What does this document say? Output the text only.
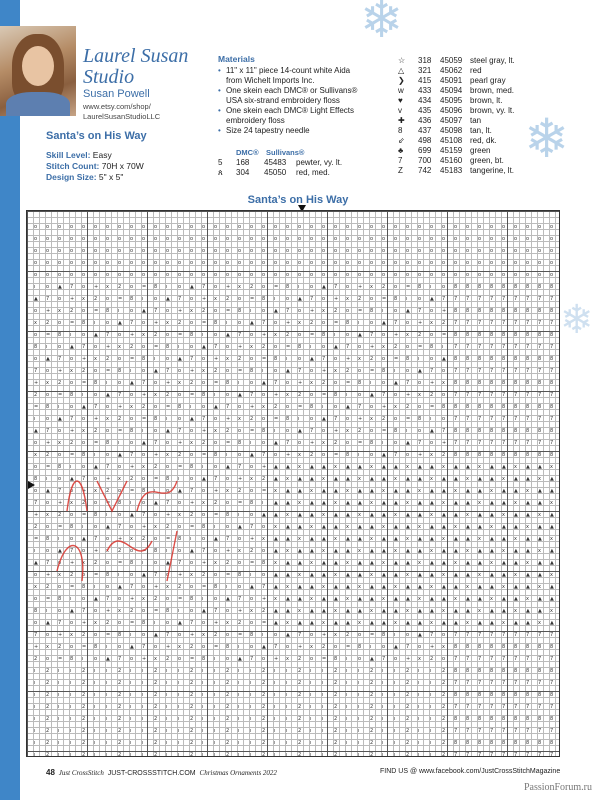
❄
❄
❄
Laurel Susan Studio
Susan Powell
www.etsy.com/shop/ LaurelSusanStudioLLC
Santa’s on His Way
Skill Level: Easy
Stitch Count: 70H x 70W
Design Size: 5" x 5"
Materials
• 11" x 11" piece 14-count white Aida from Wichelt Imports Inc.
• One skein each DMC® or Sullivans® USA six-strand embroidery floss
• One skein each DMC® Light Effects embroidery floss
• Size 24 tapestry needle
DMC® Sullivans®
5 168 45483 pewter, vy. lt.
ጰ 304 45050 red, med.
☆ 318 45059 steel gray, lt.
△ 321 45062 red
❯ 415 45091 pearl gray
w 433 45094 brown, med.
♥ 434 45095 brown, lt.
v 435 45096 brown, vy. lt.
✚ 436 45097 tan
8 437 45098 tan, lt.
⇙ 498 45108 red, dk.
♣ 699 45159 green
7 700 45160 green, bt.
Z 742 45183 tangerine, lt.
Santa’s on His Way
o o o o o o o o o o o o o o o o o o o o o o o o o o o o o o o o o o o o o o o o o o o o
o o o o o o o o o o o o o o o o o o o o o o o o o o o o o o o o o o o o o o o o o o o o
o o o o o o o o o o o o o o o o o o o o o o o o o o o o o o o o o o o o o o o o o o o o
o o o o o o o o o o o o o o o o o o o o o o o o o o o o o o o o o o o o o o o o o o o o
o o o o o o o o o o o o o o o o o o o o o o o o o o o o o o o o o o o o o o o o o o o o
ı o ▲ 7 o + x 2 o = 8 ı o ▲ 7 o + x 2 o = 8 ı o ▲ 7 o + x 2 o = 8 ı o 8 8 8 8 8 8 8 8 8
▲ 7 o + x 2 o = 8 ı o ▲ 7 o + x 2 o = 8 ı o ▲ 7 o + x 2 o = 8 ı o ▲ 7 7 7 7 7 7 7 7 7 7
o + x 2 o = 8 ı o ▲ 7 o + x 2 o = 8 ı o ▲ 7 o + x 2 o = 8 ı o ▲ 7 o + 8 8 8 8 8 8 8 8 8
x 2 o = 8 ı o ▲ 7 o + x 2 o = 8 ı o ▲ 7 o + x 2 o = 8 ı o ▲ 7 o + x 2 7 7 7 7 7 7 7 7 7
o = 8 ı o ▲ 7 o + x 2 o = 8 ı o ▲ 7 o + x 2 o = 8 ı o ▲ 7 o + x 2 o = 8 8 8 8 8 8 8 8 8
8 ı o ▲ 7 o + x 2 o = 8 ı o ▲ 7 o + x 2 o = 8 ı o ▲ 7 o + x 2 o = 8 ı 7 7 7 7 7 7 7 7 7
o ▲ 7 o + x 2 o = 8 ı o ▲ 7 o + x 2 o = 8 ı o ▲ 7 o + x 2 o = 8 ı o ▲ 8 8 8 8 8 8 8 8 8
7 o + x 2 o = 8 ı o ▲ 7 o + x 2 o = 8 ı o ▲ 7 o + x 2 o = 8 ı o ▲ 7 o 7 7 7 7 7 7 7 7 7
+ x 2 o = 8 ı o ▲ 7 o + x 2 o = 8 ı o ▲ 7 o + x 2 o = 8 ı o ▲ 7 o + x 8 8 8 8 8 8 8 8 8
2 o = 8 ı o ▲ 7 o + x 2 o = 8 ı o ▲ 7 o + x 2 o = 8 ı o ▲ 7 o + x 2 o 7 7 7 7 7 7 7 7 7
= 8 ı o ▲ 7 o + x 2 o = 8 ı o ▲ 7 o + x 2 o = 8 ı o ▲ 7 o + x 2 o = 8 8 8 8 8 8 8 8 8 8
ı o ▲ 7 o + x 2 o = 8 ı o ▲ 7 o + x 2 o = 8 ı o ▲ 7 o + x 2 o = 8 ı o 7 7 7 7 7 7 7 7 7
▲ 7 o + x 2 o = 8 ı o ▲ 7 o + x 2 o = 8 ı o ▲ 7 o + x 2 o = 8 ı o ▲ 7 8 8 8 8 8 8 8 8 8
o + x 2 o = 8 ı o ▲ 7 o + x 2 o = 8 ı o ▲ 7 o + x 2 o = 8 ı o ▲ 7 o + 7 7 7 7 7 7 7 7 7
x 2 o = 8 ı o ▲ 7 o + x 2 o = 8 ı o ▲ 7 o + x 2 o = 8 ı o ▲ 7 o + x 2 8 8 8 8 8 8 8 8 8
o = 8 ı o ▲ 7 o + x 2 o = 8 ı o ▲ 7 o + ▲ ▲ x ▲ ▲ x ▲ ▲ x ▲ ▲ x ▲ ▲ x ▲ ▲ x ▲ ▲ x ▲ ▲ x
8 ı o ▲ 7 o + x 2 o = 8 ı o ▲ 7 o + x 2 ▲ x ▲ ▲ x ▲ ▲ x ▲ ▲ x ▲ ▲ x ▲ ▲ x ▲ ▲ x ▲ ▲ x ▲
o ▲ 7 o + x 2 o = 8 ı o ▲ 7 o + x 2 o = x ▲ ▲ x ▲ ▲ x ▲ ▲ x ▲ ▲ x ▲ ▲ x ▲ ▲ x ▲ ▲ x ▲ ▲
7 o + x 2 o = 8 ı o ▲ 7 o + x 2 o = 8 ı ▲ ▲ x ▲ ▲ x ▲ ▲ x ▲ ▲ x ▲ ▲ x ▲ ▲ x ▲ ▲ x ▲ ▲ x
+ x 2 o = 8 ı o ▲ 7 o + x 2 o = 8 ı o ▲ ▲ x ▲ ▲ x ▲ ▲ x ▲ ▲ x ▲ ▲ x ▲ ▲ x ▲ ▲ x ▲ ▲ x ▲
2 o = 8 ı o ▲ 7 o + x 2 o = 8 ı o ▲ 7 o x ▲ ▲ x ▲ ▲ x ▲ ▲ x ▲ ▲ x ▲ ▲ x ▲ ▲ x ▲ ▲ x ▲ ▲
= 8 ı o ▲ 7 o + x 2 o = 8 ı o ▲ 7 o + x ▲ ▲ x ▲ ▲ x ▲ ▲ x ▲ ▲ x ▲ ▲ x ▲ ▲ x ▲ ▲ x ▲ ▲ x
ı o ▲ 7 o + x 2 o = 8 ı o ▲ 7 o + x 2 o ▲ x ▲ ▲ x ▲ ▲ x ▲ ▲ x ▲ ▲ x ▲ ▲ x ▲ ▲ x ▲ ▲ x ▲
▲ 7 o + x 2 o = 8 ı o ▲ 7 o + x 2 o = 8 x ▲ ▲ x ▲ ▲ x ▲ ▲ x ▲ ▲ x ▲ ▲ x ▲ ▲ x ▲ ▲ x ▲ ▲
o + x 2 o = 8 ı o ▲ 7 o + x 2 o = 8 ı o ▲ ▲ x ▲ ▲ x ▲ ▲ x ▲ ▲ x ▲ ▲ x ▲ ▲ x ▲ ▲ x ▲ ▲ x
x 2 o = 8 ı o ▲ 7 o + x 2 o = 8 ı o ▲ 7 ▲ x ▲ ▲ x ▲ ▲ x ▲ ▲ x ▲ ▲ x ▲ ▲ x ▲ ▲ x ▲ ▲ x ▲
o = 8 ı o ▲ 7 o + x 2 o = 8 ı o ▲ 7 o + x ▲ ▲ x ▲ ▲ x ▲ ▲ x ▲ ▲ x ▲ ▲ x ▲ ▲ x ▲ ▲ x ▲ ▲
8 ı o ▲ 7 o + x 2 o = 8 ı o ▲ 7 o + x 2 ▲ ▲ x ▲ ▲ x ▲ ▲ x ▲ ▲ x ▲ ▲ x ▲ ▲ x ▲ ▲ x ▲ ▲ x
o ▲ 7 o + x 2 o = 8 ı o ▲ 7 o + x 2 o = ▲ x ▲ ▲ x ▲ ▲ x ▲ ▲ x ▲ ▲ x ▲ ▲ x ▲ ▲ x ▲ ▲ x ▲
7 o + x 2 o = 8 ı o ▲ 7 o + x 2 o = 8 ı o ▲ 7 o + x 2 o = 8 ı o ▲ 7 o 7 7 7 7 7 7 7 7 7
+ x 2 o = 8 ı o ▲ 7 o + x 2 o = 8 ı o ▲ 7 o + x 2 o = 8 ı o ▲ 7 o + x 8 8 8 8 8 8 8 8 8
2 o = 8 ı o ▲ 7 o + x 2 o = 8 ı o ▲ 7 o + x 2 o = 8 ı o ▲ 7 o + x 2 o 7 7 7 7 7 7 7 7 7
ı 2 ı ı 2 ı ı 2 ı ı 2 ı ı 2 ı ı 2 ı ı 2 ı ı 2 ı ı 2 ı ı 2 ı ı 2 ı ı 2 8 8 8 8 8 8 8 8 8
ı 2 ı ı 2 ı ı 2 ı ı 2 ı ı 2 ı ı 2 ı ı 2 ı ı 2 ı ı 2 ı ı 2 ı ı 2 ı ı 2 7 7 7 7 7 7 7 7 7
ı 2 ı ı 2 ı ı 2 ı ı 2 ı ı 2 ı ı 2 ı ı 2 ı ı 2 ı ı 2 ı ı 2 ı ı 2 ı ı 2 8 8 8 8 8 8 8 8 8
ı 2 ı ı 2 ı ı 2 ı ı 2 ı ı 2 ı ı 2 ı ı 2 ı ı 2 ı ı 2 ı ı 2 ı ı 2 ı ı 2 7 7 7 7 7 7 7 7 7
ı 2 ı ı 2 ı ı 2 ı ı 2 ı ı 2 ı ı 2 ı ı 2 ı ı 2 ı ı 2 ı ı 2 ı ı 2 ı ı 2 8 8 8 8 8 8 8 8 8
ı 2 ı ı 2 ı ı 2 ı ı 2 ı ı 2 ı ı 2 ı ı 2 ı ı 2 ı ı 2 ı ı 2 ı ı 2 ı ı 2 7 7 7 7 7 7 7 7 7
ı 2 ı ı 2 ı ı 2 ı ı 2 ı ı 2 ı ı 2 ı ı 2 ı ı 2 ı ı 2 ı ı 2 ı ı 2 ı ı 2 8 8 8 8 8 8 8 8 8
ı 2 ı ı 2 ı ı 2 ı ı 2 ı ı 2 ı ı 2 ı ı 2 ı ı 2 ı ı 2 ı ı 2 ı ı 2 ı ı 2 7 7 7 7 7 7 7 7 7
48 Just CrossStitch JUST-CROSSSTITCH.COM Christmas Ornaments 2022	FIND US @ www.facebook.com/JustCrossStitchMagazine
PassionForum.ru
